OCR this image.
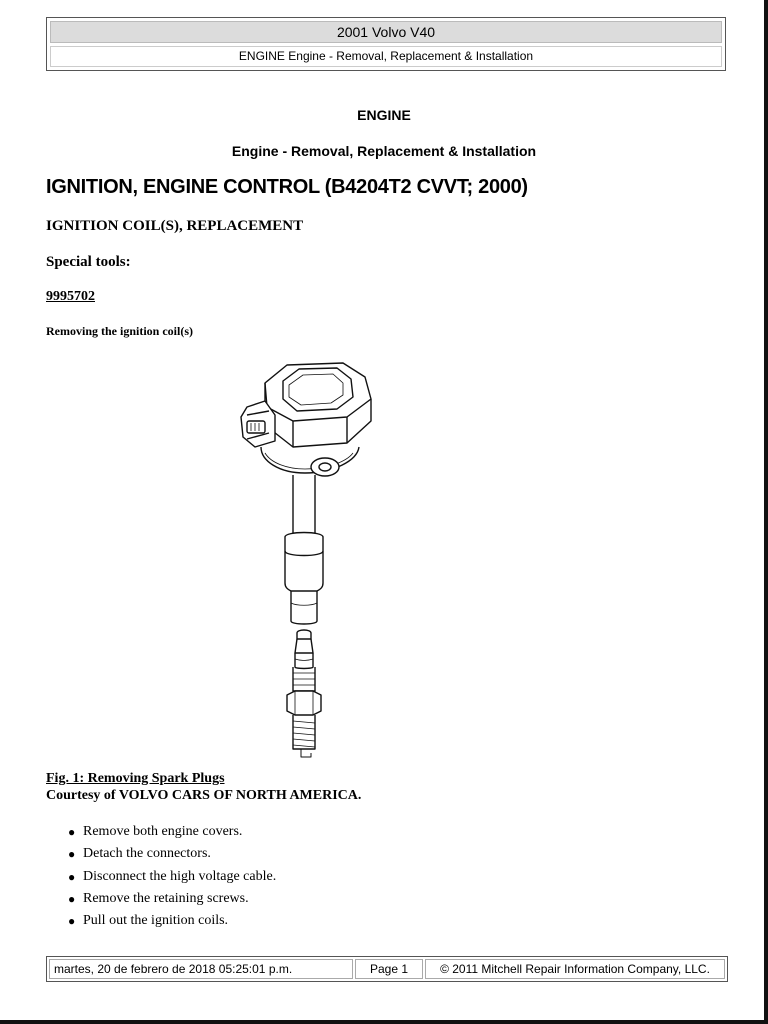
2001 Volvo V40
ENGINE Engine - Removal, Replacement & Installation
ENGINE
Engine - Removal, Replacement & Installation
IGNITION, ENGINE CONTROL (B4204T2 CVVT; 2000)
IGNITION COIL(S), REPLACEMENT
Special tools:
9995702
Removing the ignition coil(s)
Fig. 1: Removing Spark Plugs
Courtesy of VOLVO CARS OF NORTH AMERICA.
● Remove both engine covers.
● Detach the connectors.
● Disconnect the high voltage cable.
● Remove the retaining screws.
● Pull out the ignition coils.
martes, 20 de febrero de 2018 05:25:01 p.m.	Page 1	© 2011 Mitchell Repair Information Company, LLC.
